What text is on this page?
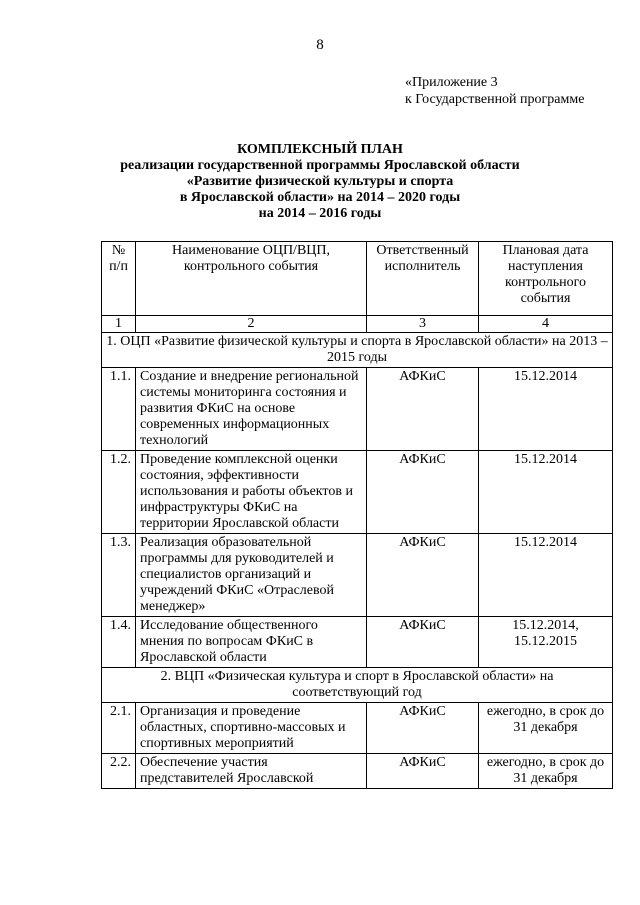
8
«Приложение 3
к Государственной программе
КОМПЛЕКСНЫЙ ПЛАН
реализации государственной программы Ярославской области
«Развитие физической культуры и спорта
в Ярославской области» на 2014 – 2020 годы
на 2014 – 2016 годы
№ п/п	Наименование ОЦП/ВЦП, контрольного события	Ответственный исполнитель	Плановая дата наступления контрольного события
1	2	3	4
1. ОЦП «Развитие физической культуры и спорта в Ярославской области» на 2013 – 2015 годы			
1.1.	Создание и внедрение региональной системы мониторинга состояния и развития ФКиС на основе современных информационных технологий	АФКиС	15.12.2014
1.2.	Проведение комплексной оценки состояния, эффективности использования и работы объектов и инфраструктуры ФКиС на территории Ярославской области	АФКиС	15.12.2014
1.3.	Реализация образовательной программы для руководителей и специалистов организаций и учреждений ФКиС «Отраслевой менеджер»	АФКиС	15.12.2014
1.4.	Исследование общественного мнения по вопросам ФКиС в Ярославской области	АФКиС	15.12.2014, 15.12.2015
2. ВЦП «Физическая культура и спорт в Ярославской области» на соответствующий год			
2.1.	Организация и проведение областных, спортивно-массовых и спортивных мероприятий	АФКиС	ежегодно, в срок до 31 декабря
2.2.	Обеспечение участия представителей Ярославской	АФКиС	ежегодно, в срок до 31 декабря
